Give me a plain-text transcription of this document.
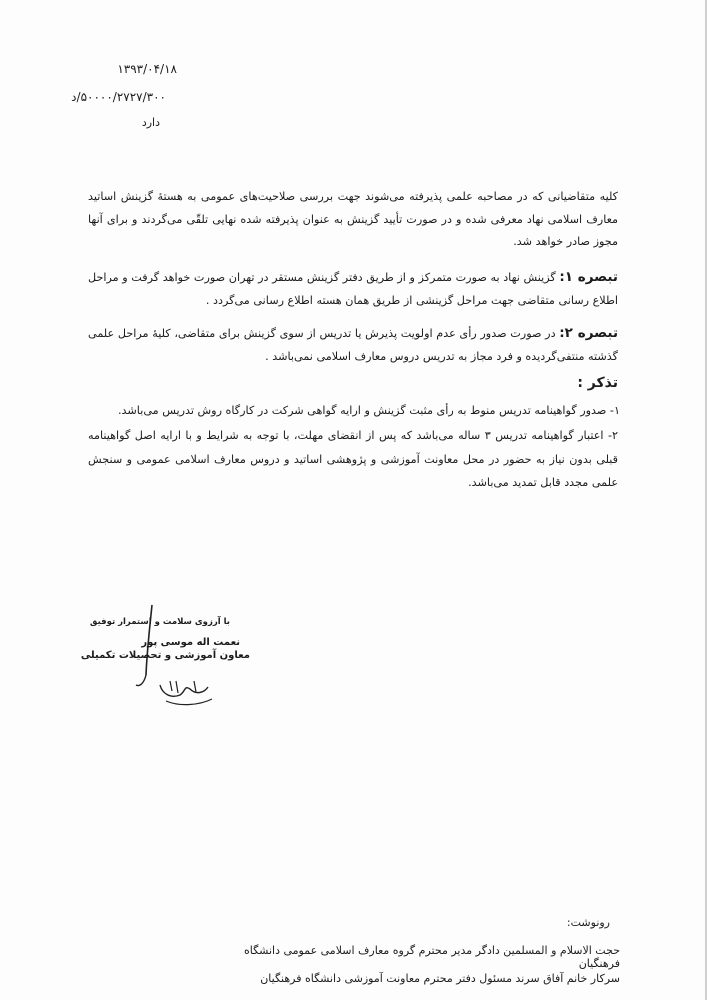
۱۳۹۳/۰۴/۱۸
۵۰۰۰۰/۲۷۲۷/۳۰۰/د
دارد

کلیه متقاضیانی که در مصاحبه علمی پذیرفته می‌شوند جهت بررسی صلاحیت‌های عمومی به هستهٔ گزینش اساتید معارف اسلامی نهاد معرفی شده و در صورت تأیید گزینش به عنوان پذیرفته شده نهایی تلقّی می‌گردند و برای آنها مجوز صادر خواهد شد.

تبصره ۱: گزینش نهاد به صورت متمرکز و از طریق دفتر گزینش مستقر در تهران صورت خواهد گرفت و مراحل اطلاع رسانی متقاضی جهت مراحل گزینشی از طریق همان هسته اطلاع رسانی می‌گردد .
تبصره ۲: در صورت صدور رأی عدم اولویت پذیرش یا تدریس از سوی گزینش برای متقاضی، کلیهٔ مراحل علمی گذشته منتفی‌گردیده و فرد مجاز به تدریس دروس معارف اسلامی نمی‌باشد .
تذکر :
۱- صدور گواهینامه تدریس منوط به رأی مثبت گزینش و ارایه گواهی شرکت در کارگاه روش تدریس می‌باشد.
۲- اعتبار گواهینامه تدریس ۳ ساله می‌باشد که پس از انقضای مهلت، با توجه به شرایط و با ارایه اصل گواهینامه قبلی بدون نیاز به حضور در محل معاونت آموزشی و پژوهشی اساتید و دروس معارف اسلامی عمومی و سنجش علمی مجدد قابل تمدید می‌باشد.
با آرزوی سلامت و استمرار توفیق
نعمت اله موسی پور
معاون آموزشی و تحصیلات تکمیلی
رونوشت:
حجت الاسلام و المسلمین دادگر مدیر محترم گروه معارف اسلامی عمومی دانشگاه فرهنگیان
سرکار خانم آفاق سرند مسئول دفتر محترم معاونت آموزشی دانشگاه فرهنگیان
